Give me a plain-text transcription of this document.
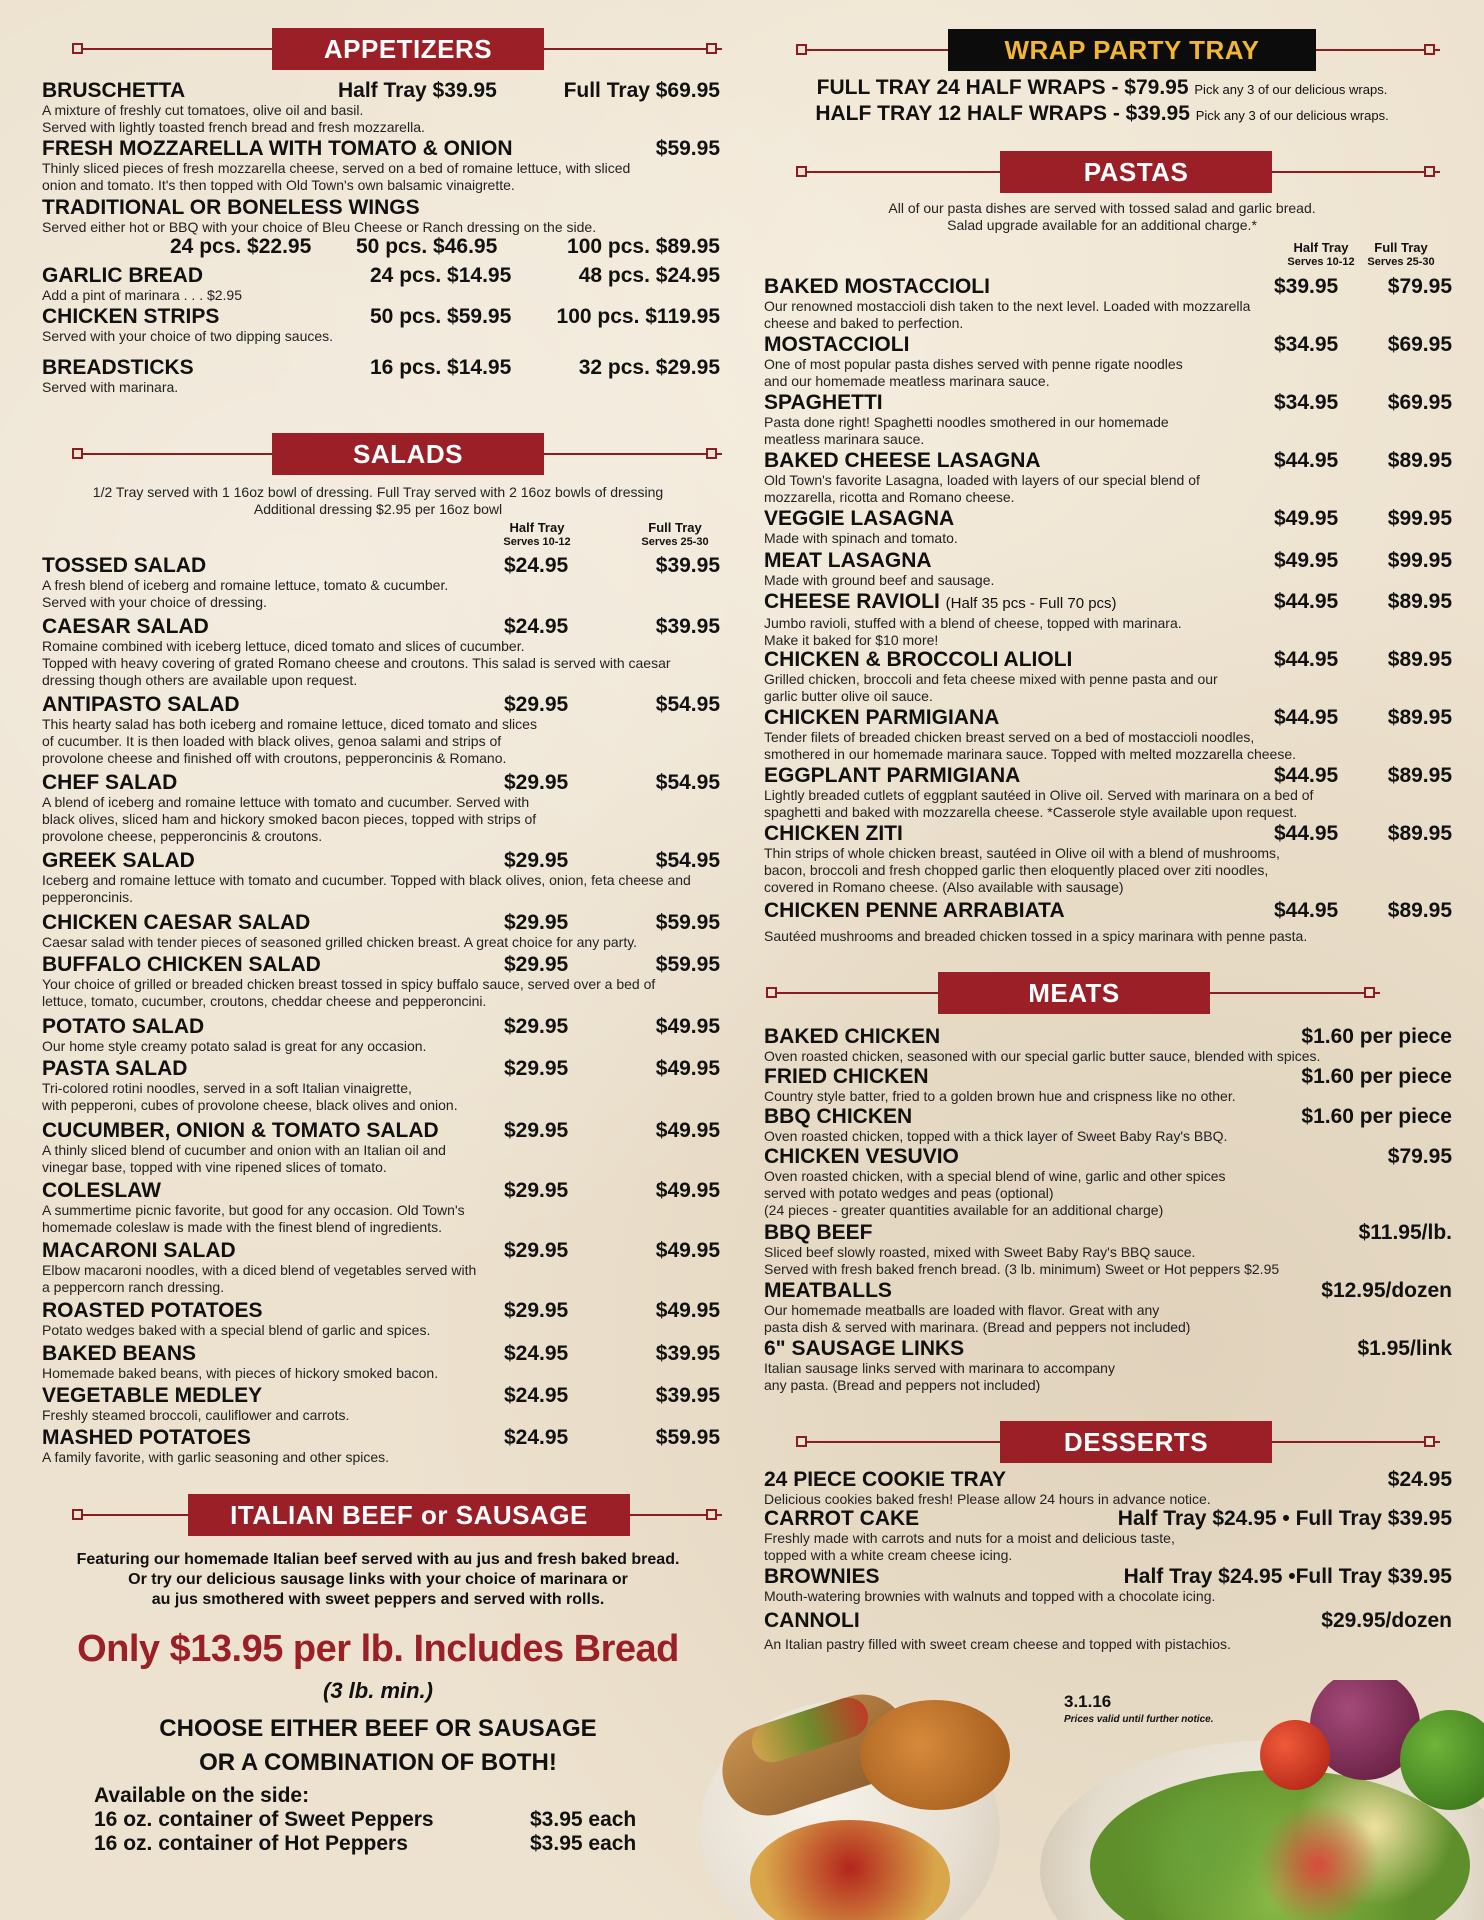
APPETIZERS
BRUSCHETTA	Half Tray $39.95	Full Tray $69.95
A mixture of freshly cut tomatoes, olive oil and basil.
Served with lightly toasted french bread and fresh mozzarella.
FRESH MOZZARELLA WITH TOMATO & ONION	$59.95
Thinly sliced pieces of fresh mozzarella cheese, served on a bed of romaine lettuce, with sliced
onion and tomato. It's then topped with Old Town's own balsamic vinaigrette.
TRADITIONAL OR BONELESS WINGS
Served either hot or BBQ with your choice of Bleu Cheese or Ranch dressing on the side.
24 pcs. $22.95 50 pcs. $46.95	100 pcs. $89.95
GARLIC BREAD	24 pcs. $14.95	48 pcs. $24.95
Add a pint of marinara . . . $2.95
CHICKEN STRIPS	50 pcs. $59.95 100 pcs. $119.95
Served with your choice of two dipping sauces.
BREADSTICKS	16 pcs. $14.95	32 pcs. $29.95
Served with marinara.
SALADS
1/2 Tray served with 1 16oz bowl of dressing. Full Tray served with 2 16oz bowls of dressing
Additional dressing $2.95 per 16oz bowl
Half Tray
Serves 10-12
Full Tray
Serves 25-30
TOSSED SALAD	$24.95	$39.95
A fresh blend of iceberg and romaine lettuce, tomato & cucumber.
Served with your choice of dressing.
CAESAR SALAD	$24.95	$39.95
Romaine combined with iceberg lettuce, diced tomato and slices of cucumber.
Topped with heavy covering of grated Romano cheese and croutons. This salad is served with caesar
dressing though others are available upon request.
ANTIPASTO SALAD	$29.95	$54.95
This hearty salad has both iceberg and romaine lettuce, diced tomato and slices
of cucumber. It is then loaded with black olives, genoa salami and strips of
provolone cheese and finished off with croutons, pepperoncinis & Romano.
CHEF SALAD	$29.95	$54.95
A blend of iceberg and romaine lettuce with tomato and cucumber. Served with
black olives, sliced ham and hickory smoked bacon pieces, topped with strips of
provolone cheese, pepperoncinis & croutons.
GREEK SALAD	$29.95	$54.95
Iceberg and romaine lettuce with tomato and cucumber. Topped with black olives, onion, feta cheese and
pepperoncinis.
CHICKEN CAESAR SALAD	$29.95	$59.95
Caesar salad with tender pieces of seasoned grilled chicken breast. A great choice for any party.
BUFFALO CHICKEN SALAD	$29.95	$59.95
Your choice of grilled or breaded chicken breast tossed in spicy buffalo sauce, served over a bed of
lettuce, tomato, cucumber, croutons, cheddar cheese and pepperoncini.
POTATO SALAD	$29.95	$49.95
Our home style creamy potato salad is great for any occasion.
PASTA SALAD	$29.95	$49.95
Tri-colored rotini noodles, served in a soft Italian vinaigrette,
with pepperoni, cubes of provolone cheese, black olives and onion.
CUCUMBER, ONION & TOMATO SALAD	$29.95	$49.95
A thinly sliced blend of cucumber and onion with an Italian oil and
vinegar base, topped with vine ripened slices of tomato.
COLESLAW	$29.95	$49.95
A summertime picnic favorite, but good for any occasion. Old Town's
homemade coleslaw is made with the finest blend of ingredients.
MACARONI SALAD	$29.95	$49.95
Elbow macaroni noodles, with a diced blend of vegetables served with
a peppercorn ranch dressing.
ROASTED POTATOES	$29.95	$49.95
Potato wedges baked with a special blend of garlic and spices.
BAKED BEANS	$24.95	$39.95
Homemade baked beans, with pieces of hickory smoked bacon.
VEGETABLE MEDLEY	$24.95	$39.95
Freshly steamed broccoli, cauliflower and carrots.
MASHED POTATOES	$24.95	$59.95
A family favorite, with garlic seasoning and other spices.
ITALIAN BEEF or SAUSAGE
Featuring our homemade Italian beef served with au jus and fresh baked bread.
Or try our delicious sausage links with your choice of marinara or
au jus smothered with sweet peppers and served with rolls.
Only $13.95 per lb. Includes Bread
(3 lb. min.)
CHOOSE EITHER BEEF OR SAUSAGE
OR A COMBINATION OF BOTH!
Available on the side:
16 oz. container of Sweet Peppers	$3.95 each
16 oz. container of Hot Peppers	$3.95 each
WRAP PARTY TRAY
FULL TRAY 24 HALF WRAPS - $79.95 Pick any 3 of our delicious wraps.
HALF TRAY 12 HALF WRAPS - $39.95 Pick any 3 of our delicious wraps.
PASTAS
All of our pasta dishes are served with tossed salad and garlic bread.
Salad upgrade available for an additional charge.*
Half Tray
Serves 10-12
Full Tray
Serves 25-30
BAKED MOSTACCIOLI	$39.95 $79.95
Our renowned mostaccioli dish taken to the next level. Loaded with mozzarella
cheese and baked to perfection.
MOSTACCIOLI	$34.95 $69.95
One of most popular pasta dishes served with penne rigate noodles
and our homemade meatless marinara sauce.
SPAGHETTI	$34.95 $69.95
Pasta done right! Spaghetti noodles smothered in our homemade
meatless marinara sauce.
BAKED CHEESE LASAGNA	$44.95 $89.95
Old Town's favorite Lasagna, loaded with layers of our special blend of
mozzarella, ricotta and Romano cheese.
VEGGIE LASAGNA	$49.95 $99.95
Made with spinach and tomato.
MEAT LASAGNA	$49.95 $99.95
Made with ground beef and sausage.
CHEESE RAVIOLI (Half 35 pcs - Full 70 pcs)	$44.95 $89.95
Jumbo ravioli, stuffed with a blend of cheese, topped with marinara.
Make it baked for $10 more!
CHICKEN & BROCCOLI ALIOLI	$44.95 $89.95
Grilled chicken, broccoli and feta cheese mixed with penne pasta and our
garlic butter olive oil sauce.
CHICKEN PARMIGIANA	$44.95 $89.95
Tender filets of breaded chicken breast served on a bed of mostaccioli noodles,
smothered in our homemade marinara sauce. Topped with melted mozzarella cheese.
EGGPLANT PARMIGIANA	$44.95 $89.95
Lightly breaded cutlets of eggplant sautéed in Olive oil. Served with marinara on a bed of
spaghetti and baked with mozzarella cheese. *Casserole style available upon request.
CHICKEN ZITI	$44.95 $89.95
Thin strips of whole chicken breast, sautéed in Olive oil with a blend of mushrooms,
bacon, broccoli and fresh chopped garlic then eloquently placed over ziti noodles,
covered in Romano cheese. (Also available with sausage)
CHICKEN PENNE ARRABIATA	$44.95 $89.95
Sautéed mushrooms and breaded chicken tossed in a spicy marinara with penne pasta.
MEATS
BAKED CHICKEN	$1.60 per piece
Oven roasted chicken, seasoned with our special garlic butter sauce, blended with spices.
FRIED CHICKEN	$1.60 per piece
Country style batter, fried to a golden brown hue and crispness like no other.
BBQ CHICKEN	$1.60 per piece
Oven roasted chicken, topped with a thick layer of Sweet Baby Ray's BBQ.
CHICKEN VESUVIO	$79.95
Oven roasted chicken, with a special blend of wine, garlic and other spices
served with potato wedges and peas (optional)
(24 pieces - greater quantities available for an additional charge)
BBQ BEEF	$11.95/lb.
Sliced beef slowly roasted, mixed with Sweet Baby Ray's BBQ sauce.
Served with fresh baked french bread. (3 lb. minimum) Sweet or Hot peppers $2.95
MEATBALLS	$12.95/dozen
Our homemade meatballs are loaded with flavor. Great with any
pasta dish & served with marinara. (Bread and peppers not included)
6" SAUSAGE LINKS	$1.95/link
Italian sausage links served with marinara to accompany
any pasta. (Bread and peppers not included)
DESSERTS
24 PIECE COOKIE TRAY	$24.95
Delicious cookies baked fresh! Please allow 24 hours in advance notice.
CARROT CAKE	Half Tray $24.95 • Full Tray $39.95
Freshly made with carrots and nuts for a moist and delicious taste,
topped with a white cream cheese icing.
BROWNIES	Half Tray $24.95 •Full Tray $39.95
Mouth-watering brownies with walnuts and topped with a chocolate icing.
CANNOLI	$29.95/dozen
An Italian pastry filled with sweet cream cheese and topped with pistachios.
3.1.16
Prices valid until further notice.
